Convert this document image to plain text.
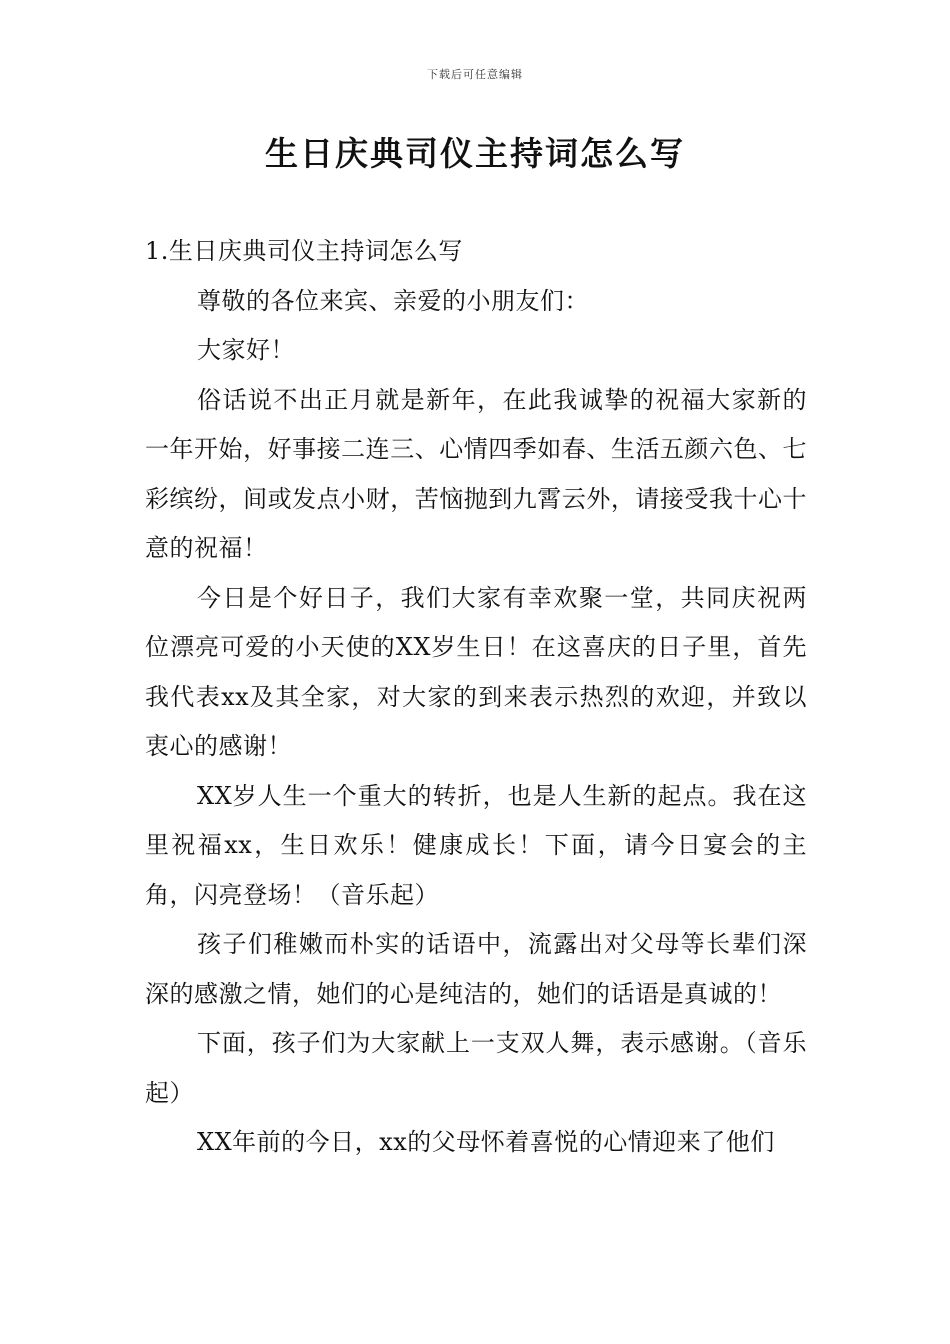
下载后可任意编辑
生日庆典司仪主持词怎么写

1.生日庆典司仪主持词怎么写

尊敬的各位来宾、亲爱的小朋友们：

大家好！

俗话说不出正月就是新年，在此我诚挚的祝福大家新的一年开始，好事接二连三、心情四季如春、生活五颜六色、七彩缤纷，间或发点小财，苦恼抛到九霄云外，请接受我十心十意的祝福！

今日是个好日子，我们大家有幸欢聚一堂，共同庆祝两位漂亮可爱的小天使的XX岁生日！在这喜庆的日子里，首先我代表xx及其全家，对大家的到来表示热烈的欢迎，并致以衷心的感谢！

XX岁人生一个重大的转折，也是人生新的起点。我在这里祝福xx，生日欢乐！健康成长！下面，请今日宴会的主角，闪亮登场！（音乐起）

孩子们稚嫩而朴实的话语中，流露出对父母等长辈们深深的感激之情，她们的心是纯洁的，她们的话语是真诚的！

下面，孩子们为大家献上一支双人舞，表示感谢。（音乐起）

XX年前的今日，xx的父母怀着喜悦的心情迎来了他们
